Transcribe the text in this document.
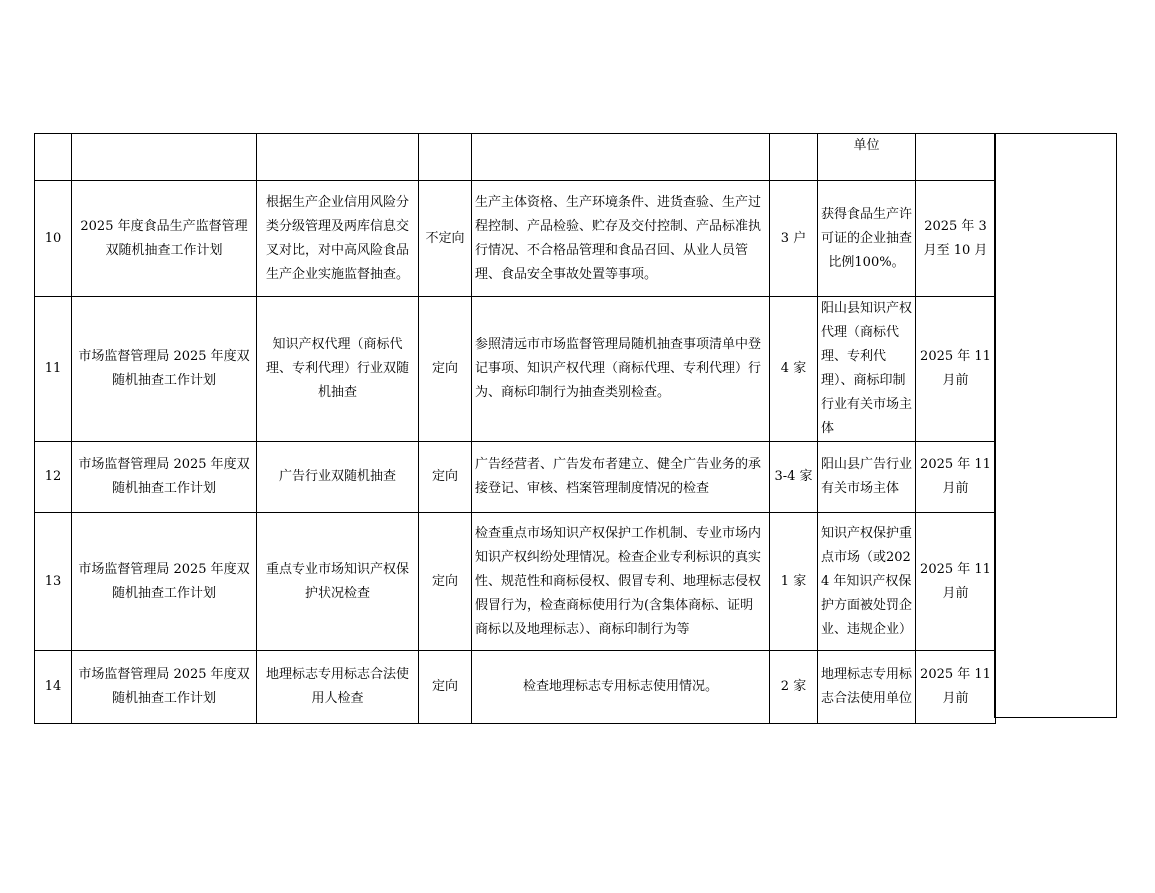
						单位	
10	2025 年度食品生产监督管理双随机抽查工作计划	根据生产企业信用风险分类分级管理及两库信息交叉对比，对中高风险食品生产企业实施监督抽查。	不定向	生产主体资格、生产环境条件、进货查验、生产过程控制、产品检验、贮存及交付控制、产品标准执行情况、不合格品管理和食品召回、从业人员管理、食品安全事故处置等事项。	3 户	获得食品生产许可证的企业抽查比例100%。	2025 年 3 月至 10 月
11	市场监督管理局 2025 年度双随机抽查工作计划	知识产权代理（商标代理、专利代理）行业双随机抽查	定向	参照清远市市场监督管理局随机抽查事项清单中登记事项、知识产权代理（商标代理、专利代理）行为、商标印制行为抽查类别检查。	4 家	阳山县知识产权代理（商标代理、专利代理）、商标印制行业有关市场主体	2025 年 11 月前
12	市场监督管理局 2025 年度双随机抽查工作计划	广告行业双随机抽查	定向	广告经营者、广告发布者建立、健全广告业务的承接登记、审核、档案管理制度情况的检查	3-4 家	阳山县广告行业有关市场主体	2025 年 11 月前
13	市场监督管理局 2025 年度双随机抽查工作计划	重点专业市场知识产权保护状况检查	定向	检查重点市场知识产权保护工作机制、专业市场内知识产权纠纷处理情况。检查企业专利标识的真实性、规范性和商标侵权、假冒专利、地理标志侵权假冒行为，检查商标使用行为(含集体商标、证明商标以及地理标志）、商标印制行为等	1 家	知识产权保护重点市场（或2024 年知识产权保护方面被处罚企业、违规企业）	2025 年 11 月前
14	市场监督管理局 2025 年度双随机抽查工作计划	地理标志专用标志合法使用人检查	定向	检查地理标志专用标志使用情况。	2 家	地理标志专用标志合法使用单位	2025 年 11 月前
